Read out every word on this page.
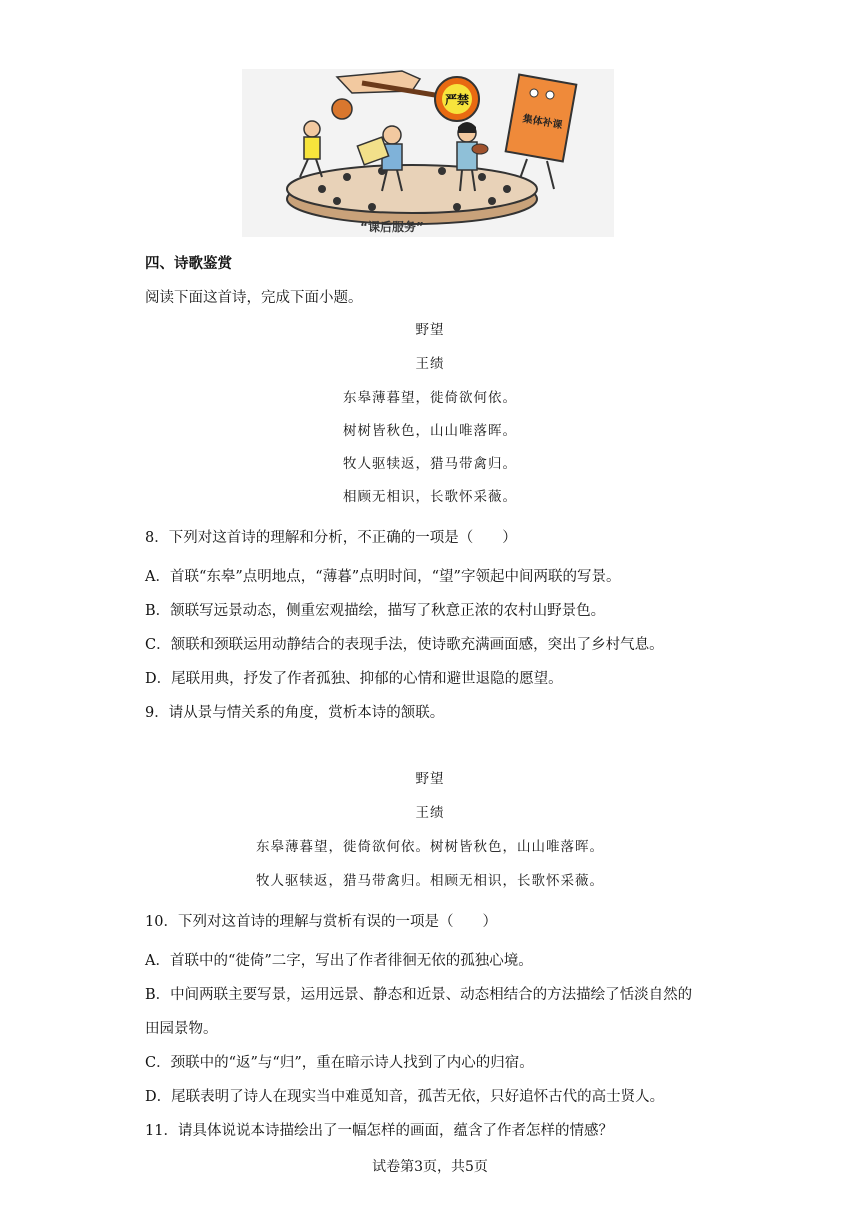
严禁
集体补课
“课后服务”
四、诗歌鉴赏
阅读下面这首诗，完成下面小题。
野望
王绩
东皋薄暮望，徙倚欲何依。
树树皆秋色，山山唯落晖。
牧人驱犊返，猎马带禽归。
相顾无相识，长歌怀采薇。
8．下列对这首诗的理解和分析，不正确的一项是（　　）
A．首联“东皋”点明地点，“薄暮”点明时间，“望”字领起中间两联的写景。
B．颔联写远景动态，侧重宏观描绘，描写了秋意正浓的农村山野景色。
C．颔联和颈联运用动静结合的表现手法，使诗歌充满画面感，突出了乡村气息。
D．尾联用典，抒发了作者孤独、抑郁的心情和避世退隐的愿望。
9．请从景与情关系的角度，赏析本诗的颔联。
野望
王绩
东皋薄暮望，徙倚欲何依。树树皆秋色，山山唯落晖。
牧人驱犊返，猎马带禽归。相顾无相识，长歌怀采薇。
10．下列对这首诗的理解与赏析有误的一项是（　　）
A．首联中的“徙倚”二字，写出了作者徘徊无依的孤独心境。
B．中间两联主要写景，运用远景、静态和近景、动态相结合的方法描绘了恬淡自然的
田园景物。
C．颈联中的“返”与“归”，重在暗示诗人找到了内心的归宿。
D．尾联表明了诗人在现实当中难觅知音，孤苦无依，只好追怀古代的高士贤人。
11．请具体说说本诗描绘出了一幅怎样的画面，蕴含了作者怎样的情感？
试卷第3页，共5页
